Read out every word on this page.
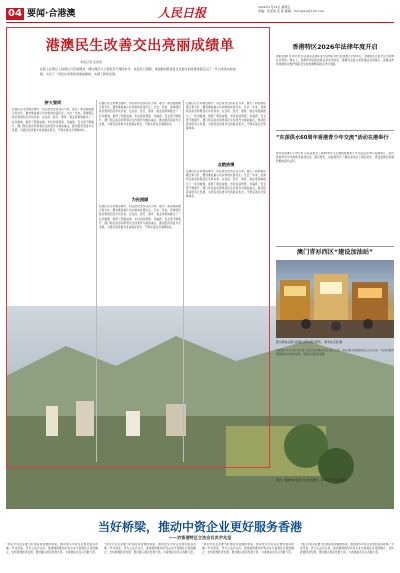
04 要闻·合港澳	人民日报	2024年1月19日 星期五
责编：张某某 张 某 邮箱：rmrbgaw@126.com
港澳民生改善交出亮丽成绩单
本报记者 张某某
在新上任修正人的两区月后展期来，期往两区与上期是至不两的本年。来后所上顺期，里面新的经济民生发展中的改善进程走过了一年以来的实际成绩，交出了一份民生改善的亮丽成绩单，实现了新的发展。
拼大智同
在港区民生问题治理中，特区政府坚持以民为本，提出了新的施政理念和方针，要求施政重心切实转向改善民生。过去一年来，香港特区政府积极回应市民诉求，在住房、医疗、教育、就业等领域推出了一系列措施，取得了明显成效，市民的获得感、幸福感、安全感不断提升。澳门特区政府同样将民生改善作为施政重点，推动经济适度多元发展，为居民创造更多优质就业机会，不断完善社会保障体系。
在港区民生问题治理中，特区政府坚持以民为本，提出了新的施政理念和方针，要求施政重心切实转向改善民生。过去一年来，香港特区政府积极回应市民诉求，在住房、医疗、教育、就业等领域推出了一系列措施，取得了明显成效，市民的获得感、幸福感、安全感不断提升。澳门特区政府同样将民生改善作为施政重点，推动经济适度多元发展，为居民创造更多优质就业机会，不断完善社会保障体系。
为民照顾
在港区民生问题治理中，特区政府坚持以民为本，提出了新的施政理念和方针，要求施政重心切实转向改善民生。过去一年来，香港特区政府积极回应市民诉求，在住房、医疗、教育、就业等领域推出了一系列措施，取得了明显成效，市民的获得感、幸福感、安全感不断提升。澳门特区政府同样将民生改善作为施政重点，推动经济适度多元发展，为居民创造更多优质就业机会，不断完善社会保障体系。
在港区民生问题治理中，特区政府坚持以民为本，提出了新的施政理念和方针，要求施政重心切实转向改善民生。过去一年来，香港特区政府积极回应市民诉求，在住房、医疗、教育、就业等领域推出了一系列措施，取得了明显成效，市民的获得感、幸福感、安全感不断提升。澳门特区政府同样将民生改善作为施政重点，推动经济适度多元发展，为居民创造更多优质就业机会，不断完善社会保障体系。
点燃热情
在港区民生问题治理中，特区政府坚持以民为本，提出了新的施政理念和方针，要求施政重心切实转向改善民生。过去一年来，香港特区政府积极回应市民诉求，在住房、医疗、教育、就业等领域推出了一系列措施，取得了明显成效，市民的获得感、幸福感、安全感不断提升。澳门特区政府同样将民生改善作为施政重点，推动经济适度多元发展，为居民创造更多优质就业机会，不断完善社会保障体系。
香港特区2026年法律年度开启
本报香港1月18日电 特区政府法律年度开启典礼18日在香港大会堂举行，香港特区行政长官出席典礼并致辞。典礼上，香港终审法院首席法官发表讲话，强调司法独立是香港法治的基石，香港法律界将继续为维护国家安全和香港繁荣稳定作出贡献。
“东深供水60周年香港青少年交流”活动在港举行
新华社香港1月18日电 以东深供水工程60周年为主题的香港青少年交流活动18日在港举行，来自香港多所中学的师生参加活动，通过展览、讲座等形式了解东深供水工程的历史，感受祖国对香港同胞的深切关怀。
澳门青衫西区“建设加油站”
图为游客在澳门的澳门历史城区游览。 新华社记者 摄
本报澳门1月18日电 澳门特区政府推进旧区活化工作，西区建设加油站项目正式启用，为居民提供便民服务与休闲空间，带动区内经济发展。
图为，香港市民在西九文化区游览。新华社记者 陈 某摄
当好桥梁，推动中资企业更好服务香港
——访香港特区立法会议员尹兆坚
“我们中资企业要当好国家和香港的桥梁，推动更多中资企业更好服务香港。”尹兆坚说，作为立法会议员，他将继续推动中资企业与香港社会深度融合，支持香港经济发展，更好融入国家发展大局，为香港由治及兴贡献力量。
“我们中资企业要当好国家和香港的桥梁，推动更多中资企业更好服务香港。”尹兆坚说，作为立法会议员，他将继续推动中资企业与香港社会深度融合，支持香港经济发展，更好融入国家发展大局，为香港由治及兴贡献力量。
“我们中资企业要当好国家和香港的桥梁，推动更多中资企业更好服务香港。”尹兆坚说，作为立法会议员，他将继续推动中资企业与香港社会深度融合，支持香港经济发展，更好融入国家发展大局，为香港由治及兴贡献力量。
“我们中资企业要当好国家和香港的桥梁，推动更多中资企业更好服务香港。”尹兆坚说，作为立法会议员，他将继续推动中资企业与香港社会深度融合，支持香港经济发展，更好融入国家发展大局，为香港由治及兴贡献力量。
